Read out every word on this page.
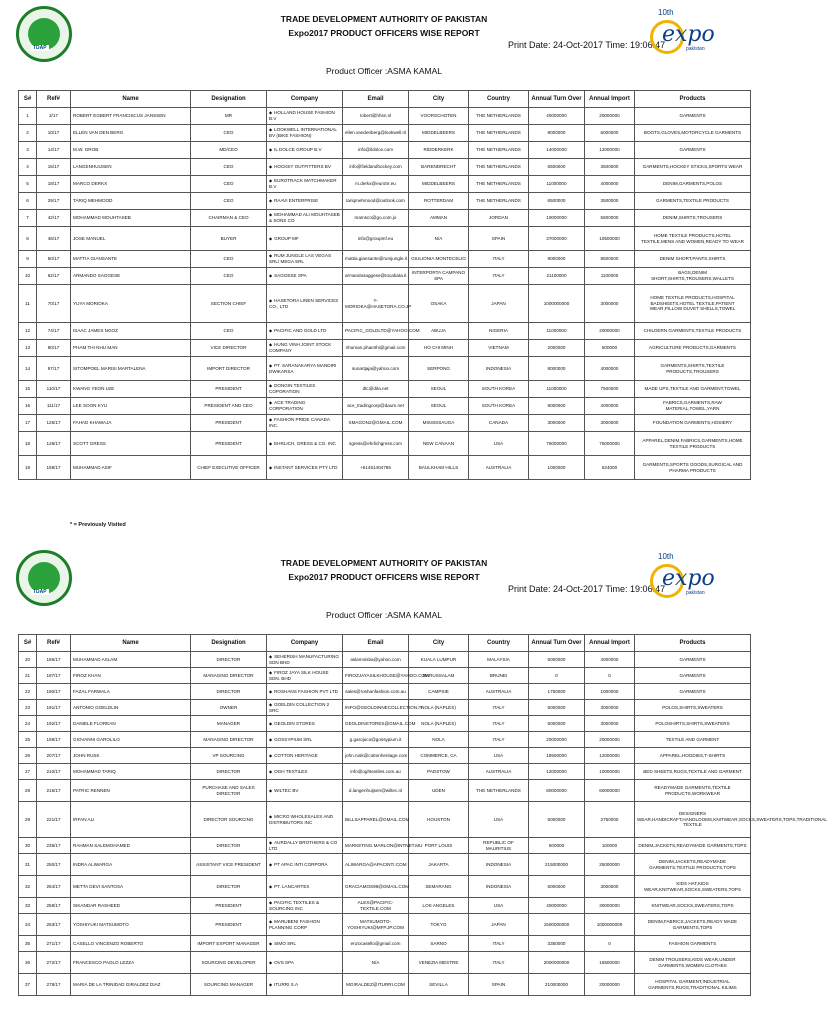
TDAP
TRADE DEVELOPMENT AUTHORITY OF PAKISTAN
Expo2017 PRODUCT OFFICERS WISE REPORT
Print Date: 24-Oct-2017 Time: 19:06.47
10th
expo
pakistan
Product Officer :ASMA KAMAL
S#	Ref#	Name	Designation	Company	Email	City	Country	Annual Turn Over	Annual Import	Products
1	3/17	ROBERT EGBERT FRANCISCUS JANSSEN	MR	◆ HOLLAND HOUSE FASHION B.V	robert@hhsn.nl	VOORSCHOTEN	THE NETHERLANDS	40000000	20000000	GARMENTS
2	10/17	ELLEN VAN DEN BERG	CEO	◆ LOOKWELL INTERNATIONAL BV (BIKE FASHION)	ellen.vandenberg@lookwell.nl	MIDDELBEERS	THE NETHERLANDS	8000000	6000000	BOOTS,GLOVES,MOTORCYCLE GARMENTS
3	14/17	M.W. GROB	MD/CEO	◆ IL DOLCE GROUP B.V	info@ildolce.com	RIDDERKERK	THE NETHERLANDS	14000000	12000000	GARMENTS
4	15/17	LANGENHUIJSEN	CEO	◆ HOCKEY OUTFITTERS BV	info@fieldandhockey.com	BARENDRECHT	THE NETHERLANDS	6500000	3500000	GARMENTS,HOCKEY STICKS,SPORTS WEAR
5	18/17	MARCO DERKX	CEO	◆ EUROTRACK MATCHMAKER B.V	m.derkx@eurotrr.eu	MIDDELBEERS	THE NETHERLANDS	11000000	4000000	DENIM,GARMENTS,POLOS
6	29/17	TARIQ MEHMOOD	CEO	◆ RAAVI ENTERPRISE	tariqmehmood@outlook.com	ROTTERDAM	THE NETHERLANDS	6500000	3500000	GARMENTS,TEXTILE PRODUCTS
7	42/17	MOHAMMAD MOUHTASEB	CHAIRMAN & CEO	◆ MOHAMMAD ALI MOUHTASEB & SONS CO	mamsco@go.com.jo	AMMAN	JORDAN	10000000	5600000	DENIM,SHIRTS,TROUSERS
8	46/17	JOSE MANUEL	BUYER	◆ GROUP MF	info@groupmf.eu	N/A	SPAIN	37000000	10500000	HOME TEXTILE PRODUCTS,HOTEL TEXTILE,MENS AND WOMEN,READY TO WEAR
9	50/17	MATTIA GIANSANTE	CEO	◆ RUM JUNGLE LAS VEGAS SRL/ MEGA SRL	mattia.giansante@rumjungle.it	GIULIONIA MONTECELIO	ITALY	9000000	8500000	DENIM SHORT,PANTS,SHIRTS
10	62/17	ARMANDO SAGGESE	CEO	◆ SAGGESE SPA	armandosaggese@tocabata.it	INTERPORTA CAMPANO SPA	ITALY	21100000	1100000	BAGS,DENIM SHORT,SHIRTS,TROUSERS,WALLETS
11	70/17	YUYA MORIOKA	SECTION CHIEF	◆ HASETORA LINEN SERVICES CO., LTD	Y-MORIOKA@HASETORA.CO.JP	OSAKA	JAPAN	1000000000	3000000	HOME TEXTILE PRODUCTS,HOSPITAL BADSHEETS,HOTEL TEXTILE,PATIENT WEAR,PILLOW DUVET SHELLS,TOWEL
12	74/17	ISAAC JAMES NGOZ	CEO	◆ PACIFIC AND GOLD LTD	PACIFIC_GOLDLTD@YAHOO.COM	ABUJA	NIGERIA	11000000	20000000	CHILDERN GARMENTS,TEXTILE PRODUCTS
13	80/17	PHAM THI NHU MAN	VICE DIRECTOR	◆ HUNG VINH JOINT STOCK COMPANY	nhuman.phamthi@gmail.com	HO CHI MINH	VIETNAM	2000000	500000	AGRICULTURE PRODUCTS,GARMENTS
14	97/17	SITOMPOEL MARISI MARTALENA	IMPORT DIRECTOR	◆ PT. SARANAKARYA MANDIRI DWIKARSA	sunartjaja@yahoo.com	SERPONG	INDONESIA	8000000	4000000	GARMENTS,SHIRTS,TEXTILE PRODUCTS,TROUSERS
15	110/17	KWANG YEON LEE	PRESIDENT	◆ DONGIN TEXTILES COPORATION	dtc@dita.net	SEOUL	SOUTH KOREA	11000000	7500000	MADE UPS,TEXTILE AND GARMENT,TOWEL
16	111/17	LEE SOON KYU	PRESIDENT AND CEO	◆ ACE TRADING CORPORATION	ace_tradingcorp@daum.net	SEOUL	SOUTH KOREA	9000000	4000000	FABRICS,GARMENTS,RAW MATERIAL,TOWEL,YARN
17	125/17	FAHAD KHAWAJA	PRESIDENT	◆ FASHION PRIDE CANADA INC.	SMAGON2@GMAIL.COM	MISSISSAUGA	CANADA	3000000	3000000	FOUNDATION GARMENTS,HOSIERY
18	128/17	SCOTT GRESS	PRESIDENT	◆ EHRLICH, GRESS & CO. INC	sgress@ehrlichgress.com	NEW CANAAN	USA	75000000	75000000	APPAREL,DENIM,FABRICS,GARMENTS,HOME TEXTILE PRODUCTS
19	158/17	MUHAMMAD ASIF	CHIEF EXECUTIVE OFFICER	◆ INSTANT SERVICES PTY LTD	+61451404786	BAULKHAM HILLS	AUSTRALIA	1000000	524000	GARMENTS,SPORTS GOODS,SURGICAL AND PHARMA PRODUCTS
* = Previously Visited
TDAP
TRADE DEVELOPMENT AUTHORITY OF PAKISTAN
Expo2017 PRODUCT OFFICERS WISE REPORT
Print Date: 24-Oct-2017 Time: 19:06.47
10th
expo
pakistan
Product Officer :ASMA KAMAL
S#	Ref#	Name	Designation	Company	Email	City	Country	Annual Turn Over	Annual Import	Products
20	186/17	MUHAMMAD ASLAM	DIRECTOR	◆ SEHERISH MANUFACTURING SDN BHD	aslamnisba@yahoo.com	KUALA LUMPUR	MALAYSIA	5000000	4000000	GARMENTS
21	187/17	FIROZ KHAN	MANAGING DIRECTOR	◆ FIROZ JAYA SILK HOUSE SDN. BHD	FIROZJAYASILKHOUSE@YAHOO.COM	DARUSSALAM	BRUNEI	0	0	GARMENTS
22	190/17	FAZAL FARWALA	DIRECTOR	◆ ROSHANS FASHION PVT LTD	sales@roshanfashion.com.au	CAMPSIE	AUSTRALIA	1750000	1000000	GARMENTS
23	191/17	ANTONIO GOELDLIN	OWNER	◆ GOELDIN COLLECTION 2 SRC	INFO@GEOLDINNECOLLECTION.IT	NOLA (NAPLES)	ITALY	5000000	3000000	POLOS,SHIRTS,SWEATERS
24	192/17	DANIELE FLOREAN	MANAGER	◆ GEOLDIN STORES	GEOLDINSTORES@GMAIL.COM	NOLA (NAPLES)	ITALY	5000000	3000000	POLOSHIRTS,SHIRTS,SWEATERS
25	198/17	GIOVANNI GAROLILO	MANAGING DIRECTOR	◆ GOSSYPIUM SRL	g.garojuco@gossypium.it	NOLA	ITALY	20000000	20000000	TEXTILE AND GARMENT
26	207/17	JOHN RUSK	VP SOURCING	◆ COTTON HERITAGE	john.rusk@cottonheritage.com	COMMERCE, CA	USA	18500000	12000000	APPAREL,HOODIES,T-SHIRTS
27	210/17	MOHAMMAD TARIQ	DIRECTOR	◆ OGH TEXTILES	info@oghtextiles.com.au	PADSTOW	AUSTRALIA	12000000	10000000	BED SHEETS,RUGS,TEXTILE AND GARMENT
28	216/17	PATRIC RENNEN	PURCHASE AND SALES DIRECTOR	◆ WILTEC BV	d.langenhuijsen@wiltec.nl	UDEN	THE NETHERLANDS	80000000	60000000	READYMADE GARMENTS,TEXTILE PRODUCTS,WORKWEAR
29	221/17	IRFAN ALI	DIRECTOR SOURCING	◆ MICRO WHOLESALES AND DISTRIBUTORS INC	BILLSAPPAREL@GMAIL.COM	HOUSTON	USA	5000000	2750000	DESIGNERS WEAR,HANDICRAFT,HANDLOOMS,KNITWEAR,SOCKS,SWEATERS,TOPS,TRADITIONAL TEXTILE
30	236/17	RAHMAN SALEMOHAMED	DIRECTOR	◆ AURDALLY BROTHERS & CO LTD	MARKETING.MARLON@INTNET.MU	PORT LOUIS	REPUBLIC OF MAURITIUS	500000	100000	DENIM,JACKETS,READYMADE GARMENTS,TOPS
31	250/17	INDRA ALIWARGA	ASSISTANT VICE PRESIDENT	◆ PT APAC INTI CORPORA	ALIWARGA@APACINTI.COM	JAKARTA	INDONESIA	215000000	25000000	DENIM,JACKETS,READYMADE GARMENTS,TEXTILE PRODUCTS,TOPS
32	254/17	METTA DEVI SANTOSA	DIRECTOR	◆ PT. LANCARTEX	GRACIAMOS99@GMAIL.COM	SEMARANG	INDONESIA	5000000	3000000	KIDS HAT,KIDS WEAR,KNITWEAR,SOCKS,SWEATERS,TOPS
33	258/17	SIKANDAR RASHEED	PRESIDENT	◆ PACIFIC TEXTILES & SOURCING INC	ALEX@PACIFIC-TEXTILE.COM	LOS ANGELES	USA	40000000	30000000	KNITWEAR,SOCKS,SWEATERS,TOPS
34	263/17	YOSHIYUKI MATSUMOTO	PRESIDENT	◆ MARUBENI FASHION PLANNING CORP	MATSUMOTO-YOSHIYUKI@MFP.JP.COM	TOKYO	JAPAN	1500000000	1000000000	DENIM,FABRICS,JACKETS,READY MADE GARMENTS,TOPS
35	271/17	CASELLO VINCENZO ROBERTO	IMPORT EXPORT MANAGER	◆ SIMO SRL	enzocasello@gmail.com	SARNO	ITALY	3350000	0	FASHION GARMENTS
36	272/17	FRANCESCO PAOLO LEZZA	SOURCING DEVELOPER	◆ OVS SPA	N/A	VENEZIA MESTRE	ITALY	2000000000	16500000	DENIM TROUSERS,KIDS WEAR,UNDER GARMENTS,WOMEN CLOTHES
37	278/17	MARIA DE LA TRINIDAD GIRALDEZ DIAZ	SOURCING MANAGER	◆ ITURRI S.A	MGIRALDEZ@ITURRI.COM	SEVILLA	SPAIN	210000000	20000000	HOSPITAL GARMENT,INDUSTRIAL GARMENTS,RUGS,TRADITIONAL KILIMS
